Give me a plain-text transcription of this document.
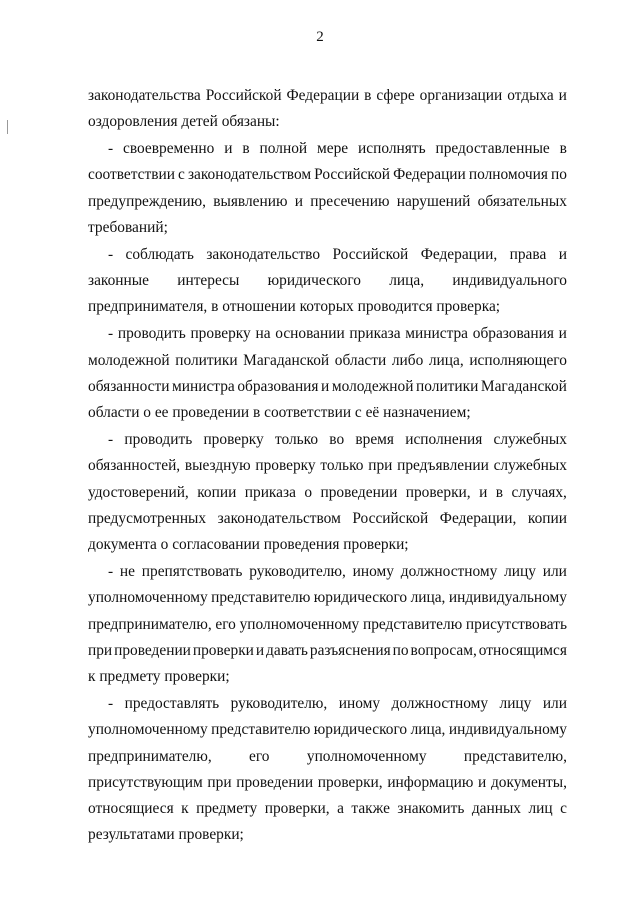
2
законодательства Российской Федерации в сфере организации отдыха и
оздоровления детей обязаны:
- своевременно и в полной мере исполнять предоставленные в
соответствии с законодательством Российской Федерации полномочия по
предупреждению, выявлению и пресечению нарушений обязательных
требований;
- соблюдать законодательство Российской Федерации, права и
законные интересы юридического лица, индивидуального
предпринимателя, в отношении которых проводится проверка;
- проводить проверку на основании приказа министра образования и
молодежной политики Магаданской области либо лица, исполняющего
обязанности министра образования и молодежной политики Магаданской
области о ее проведении в соответствии с её назначением;
- проводить проверку только во время исполнения служебных
обязанностей, выездную проверку только при предъявлении служебных
удостоверений, копии приказа о проведении проверки, и в случаях,
предусмотренных законодательством Российской Федерации, копии
документа о согласовании проведения проверки;
- не препятствовать руководителю, иному должностному лицу или
уполномоченному представителю юридического лица, индивидуальному
предпринимателю, его уполномоченному представителю присутствовать
при проведении проверки и давать разъяснения по вопросам, относящимся
к предмету проверки;
- предоставлять руководителю, иному должностному лицу или
уполномоченному представителю юридического лица, индивидуальному
предпринимателю, его уполномоченному представителю,
присутствующим при проведении проверки, информацию и документы,
относящиеся к предмету проверки, а также знакомить данных лиц с
результатами проверки;
